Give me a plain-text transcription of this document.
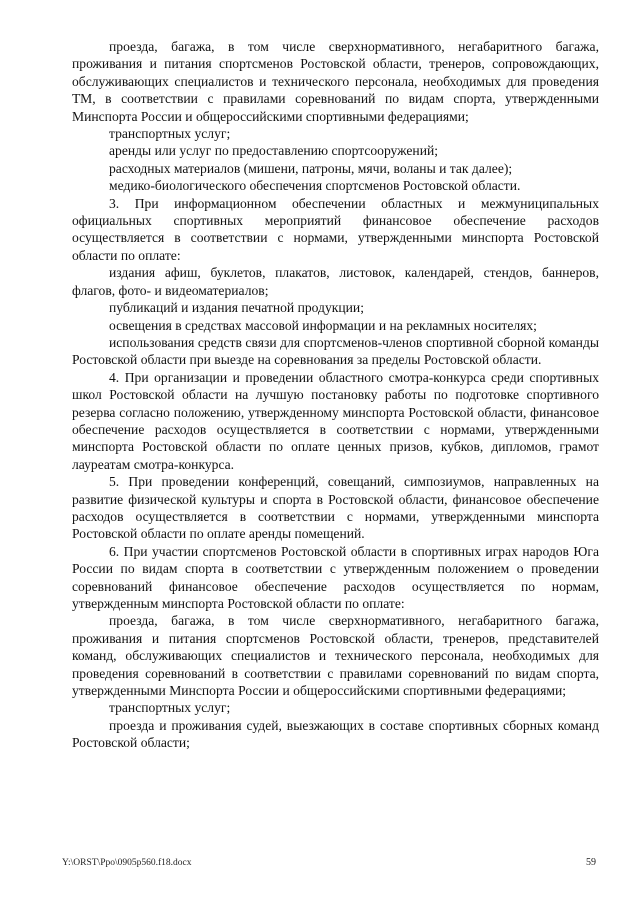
проезда, багажа, в том числе сверхнормативного, негабаритного багажа, проживания и питания спортсменов Ростовской области, тренеров, сопровождающих, обслуживающих специалистов и технического персонала, необходимых для проведения ТМ, в соответствии с правилами соревнований по видам спорта, утвержденными Минспорта России и общероссийскими спортивными федерациями;

транспортных услуг;

аренды или услуг по предоставлению спортсооружений;

расходных материалов (мишени, патроны, мячи, воланы и так далее);

медико-биологического обеспечения спортсменов Ростовской области.

3. При информационном обеспечении областных и межмуниципальных официальных спортивных мероприятий финансовое обеспечение расходов осуществляется в соответствии с нормами, утвержденными минспорта Ростовской области по оплате:

издания афиш, буклетов, плакатов, листовок, календарей, стендов, баннеров, флагов, фото- и видеоматериалов;

публикаций и издания печатной продукции;

освещения в средствах массовой информации и на рекламных носителях;

использования средств связи для спортсменов-членов спортивной сборной команды Ростовской области при выезде на соревнования за пределы Ростовской области.

4. При организации и проведении областного смотра-конкурса среди спортивных школ Ростовской области на лучшую постановку работы по подготовке спортивного резерва согласно положению, утвержденному минспорта Ростовской области, финансовое обеспечение расходов осуществляется в соответствии с нормами, утвержденными минспорта Ростовской области по оплате ценных призов, кубков, дипломов, грамот лауреатам смотра-конкурса.

5. При проведении конференций, совещаний, симпозиумов, направленных на развитие физической культуры и спорта в Ростовской области, финансовое обеспечение расходов осуществляется в соответствии с нормами, утвержденными минспорта Ростовской области по оплате аренды помещений.

6. При участии спортсменов Ростовской области в спортивных играх народов Юга России по видам спорта в соответствии с утвержденным положением о проведении соревнований финансовое обеспечение расходов осуществляется по нормам, утвержденным минспорта Ростовской области по оплате:

проезда, багажа, в том числе сверхнормативного, негабаритного багажа, проживания и питания спортсменов Ростовской области, тренеров, представителей команд, обслуживающих специалистов и технического персонала, необходимых для проведения соревнований в соответствии с правилами соревнований по видам спорта, утвержденными Минспорта России и общероссийскими спортивными федерациями;

транспортных услуг;

проезда и проживания судей, выезжающих в составе спортивных сборных команд Ростовской области;

Y:\ORST\Ppo\0905p560.f18.docx	59
